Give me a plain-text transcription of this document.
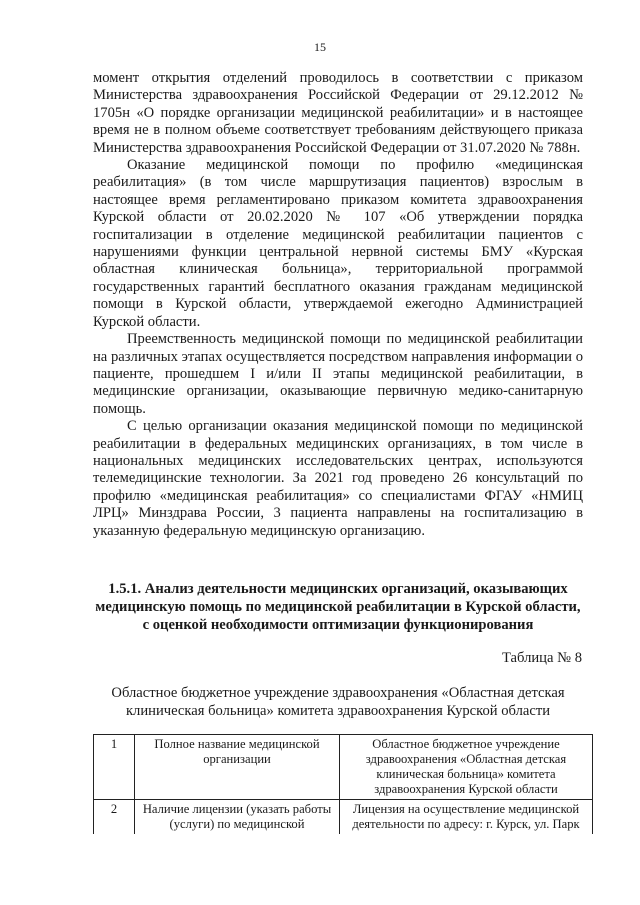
15

момент открытия отделений проводилось в соответствии с приказом Министерства здравоохранения Российской Федерации от 29.12.2012 № 1705н «О порядке организации медицинской реабилитации» и в настоящее время не в полном объеме соответствует требованиям действующего приказа Министерства здравоохранения Российской Федерации от 31.07.2020 № 788н.

Оказание медицинской помощи по профилю «медицинская реабилитация» (в том числе маршрутизация пациентов) взрослым в настоящее время регламентировано приказом комитета здравоохранения Курской области от 20.02.2020 № 107 «Об утверждении порядка госпитализации в отделение медицинской реабилитации пациентов с нарушениями функции центральной нервной системы БМУ «Курская областная клиническая больница», территориальной программой государственных гарантий бесплатного оказания гражданам медицинской помощи в Курской области, утверждаемой ежегодно Администрацией Курской области.

Преемственность медицинской помощи по медицинской реабилитации на различных этапах осуществляется посредством направления информации о пациенте, прошедшем I и/или II этапы медицинской реабилитации, в медицинские организации, оказывающие первичную медико-санитарную помощь.

С целью организации оказания медицинской помощи по медицинской реабилитации в федеральных медицинских организациях, в том числе в национальных медицинских исследовательских центрах, используются телемедицинские технологии. За 2021 год проведено 26 консультаций по профилю «медицинская реабилитация» со специалистами ФГАУ «НМИЦ ЛРЦ» Минздрава России, 3 пациента направлены на госпитализацию в указанную федеральную медицинскую организацию.

1.5.1. Анализ деятельности медицинских организаций, оказывающих медицинскую помощь по медицинской реабилитации в Курской области, с оценкой необходимости оптимизации функционирования
Таблица № 8
Областное бюджетное учреждение здравоохранения «Областная детская клиническая больница» комитета здравоохранения Курской области
1	Полное название медицинской организации	Областное бюджетное учреждение здравоохранения «Областная детская клиническая больница» комитета здравоохранения Курской области
2	Наличие лицензии (указать работы (услуги) по медицинской	Лицензия на осуществление медицинской деятельности по адресу: г. Курск, ул. Парк
